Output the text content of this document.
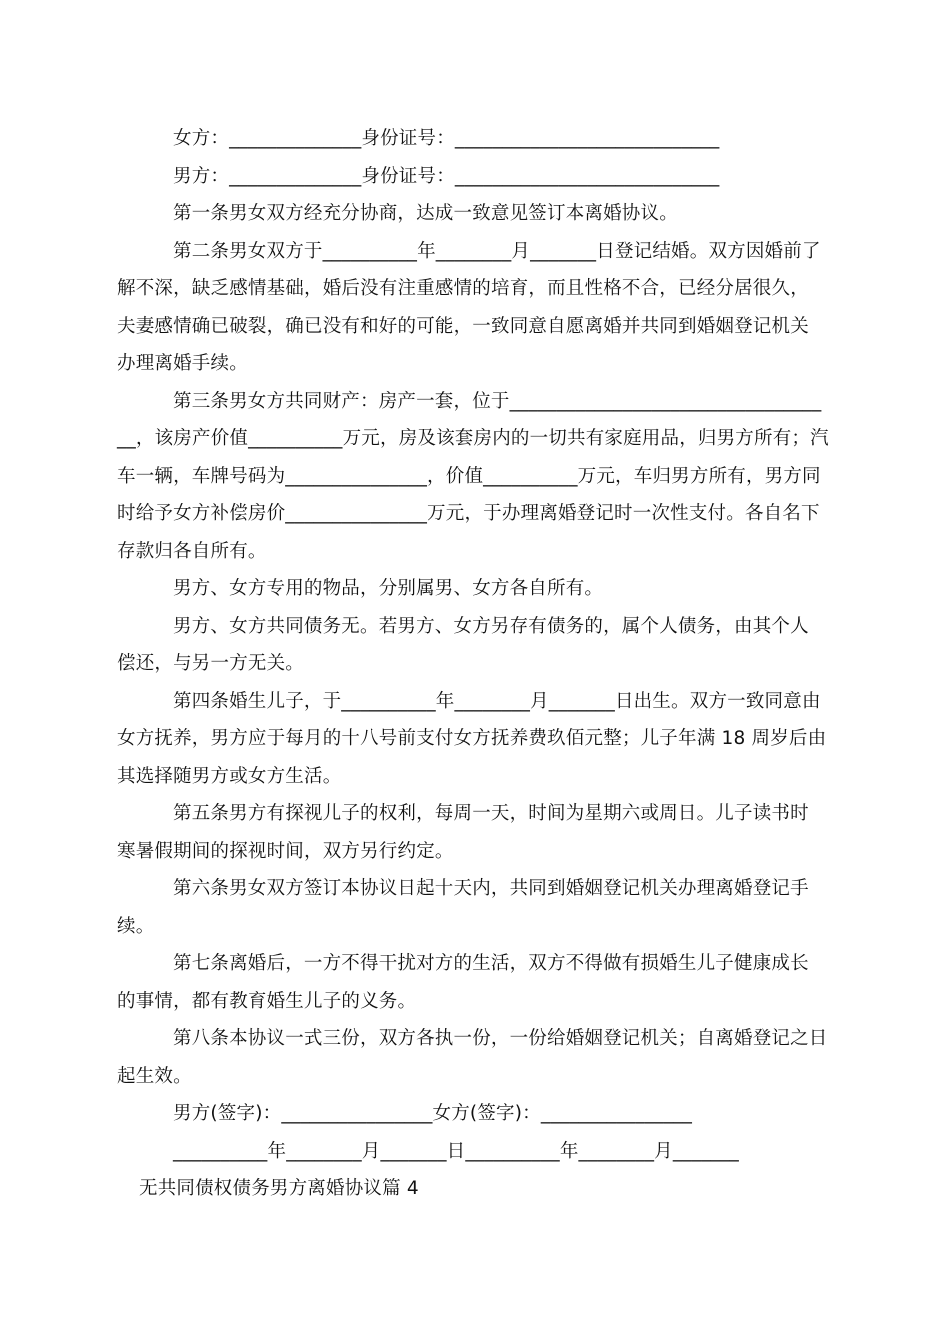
女方：______________身份证号：____________________________
男方：______________身份证号：____________________________
第一条男女双方经充分协商，达成一致意见签订本离婚协议。
第二条男女双方于__________年________月_______日登记结婚。双方因婚前了
解不深，缺乏感情基础，婚后没有注重感情的培育，而且性格不合，已经分居很久，
夫妻感情确已破裂，确已没有和好的可能，一致同意自愿离婚并共同到婚姻登记机关
办理离婚手续。
第三条男女方共同财产：房产一套，位于_________________________________
__，该房产价值__________万元，房及该套房内的一切共有家庭用品，归男方所有；汽
车一辆，车牌号码为_______________，价值__________万元，车归男方所有，男方同
时给予女方补偿房价_______________万元，于办理离婚登记时一次性支付。各自名下
存款归各自所有。
男方、女方专用的物品，分别属男、女方各自所有。
男方、女方共同债务无。若男方、女方另存有债务的，属个人债务，由其个人
偿还，与另一方无关。
第四条婚生儿子，于__________年________月_______日出生。双方一致同意由
女方抚养，男方应于每月的十八号前支付女方抚养费玖佰元整；儿子年满 18 周岁后由
其选择随男方或女方生活。
第五条男方有探视儿子的权利，每周一天，时间为星期六或周日。儿子读书时
寒暑假期间的探视时间，双方另行约定。
第六条男女双方签订本协议日起十天内，共同到婚姻登记机关办理离婚登记手
续。
第七条离婚后，一方不得干扰对方的生活，双方不得做有损婚生儿子健康成长
的事情，都有教育婚生儿子的义务。
第八条本协议一式三份，双方各执一份，一份给婚姻登记机关；自离婚登记之日
起生效。
男方(签字)：________________女方(签字)：________________
__________年________月_______日__________年________月_______
无共同债权债务男方离婚协议篇 4
